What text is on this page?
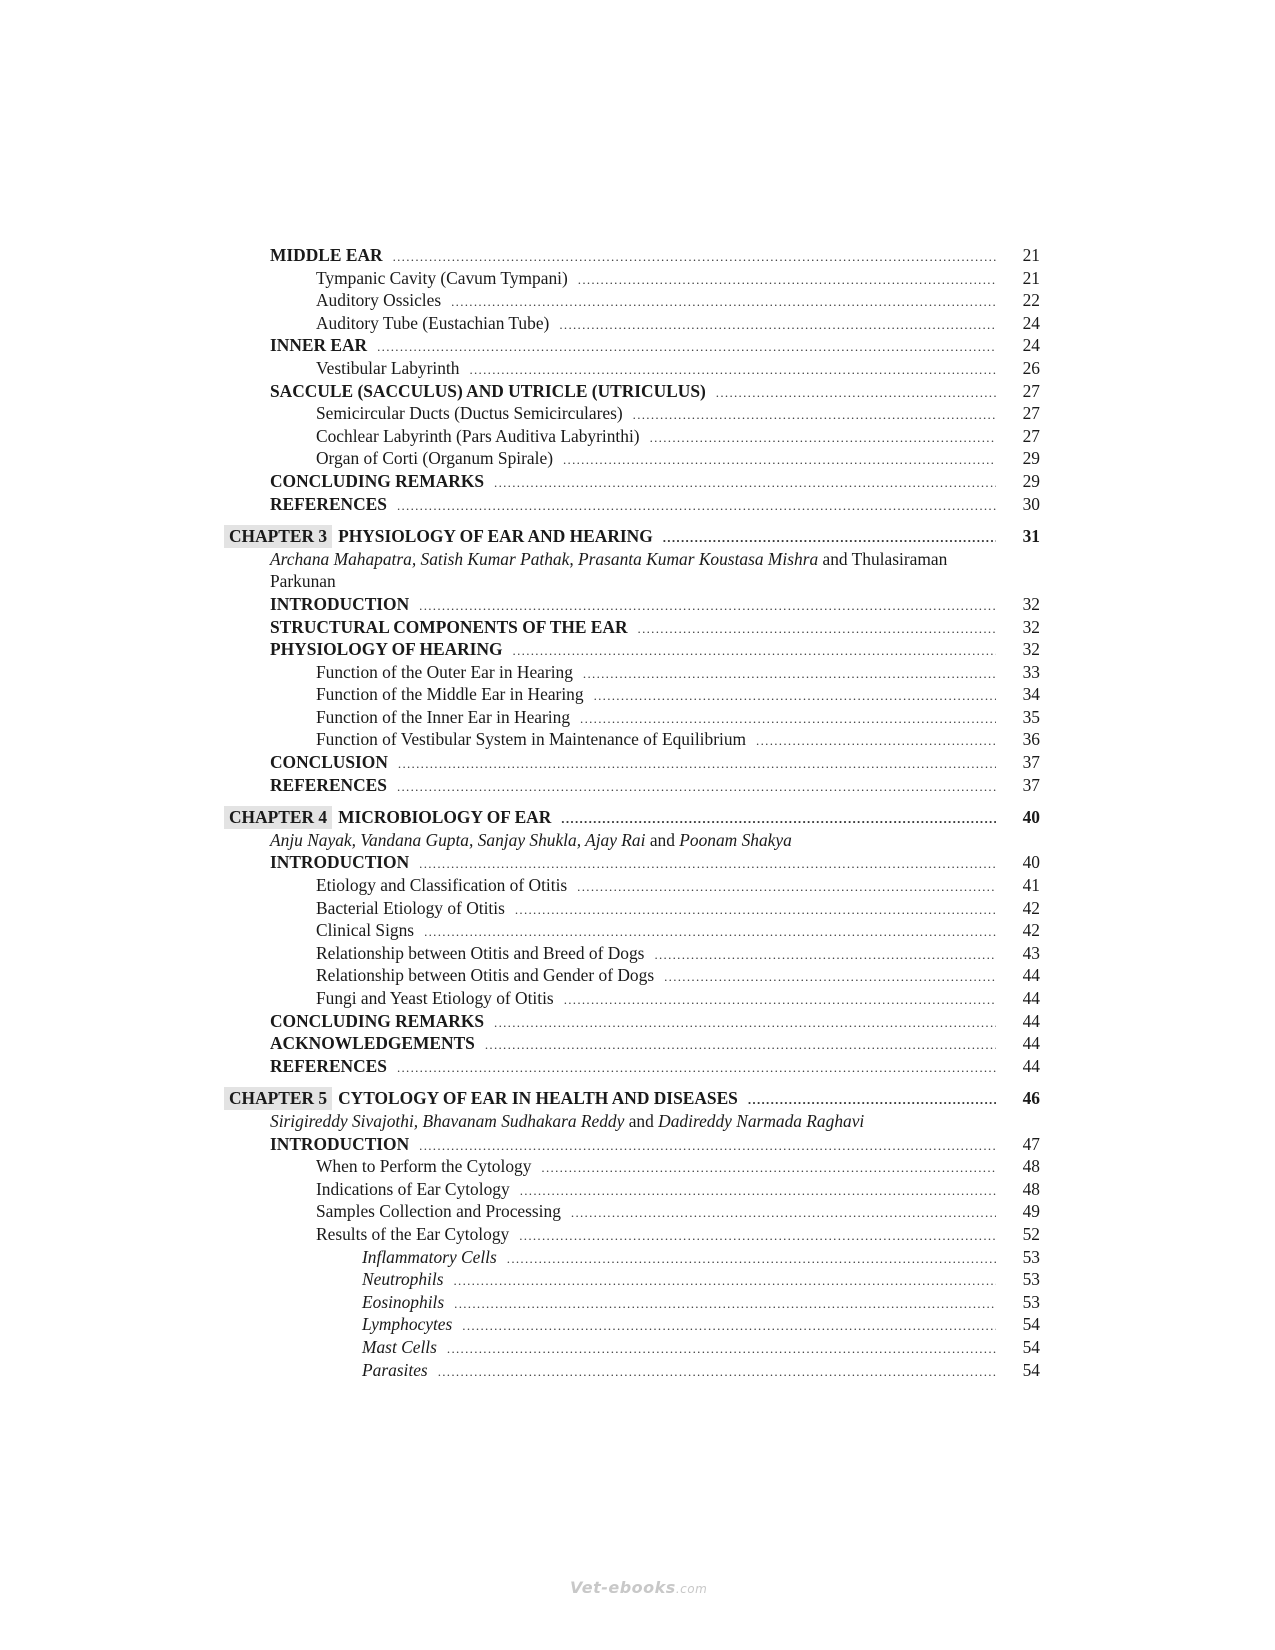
MIDDLE EAR .....	21
Tympanic Cavity (Cavum Tympani) .....	21
Auditory Ossicles .....	22
Auditory Tube (Eustachian Tube) .....	24
INNER EAR .....	24
Vestibular Labyrinth .....	26
SACCULE (SACCULUS) AND UTRICLE (UTRICULUS) .....	27
Semicircular Ducts (Ductus Semicirculares) .....	27
Cochlear Labyrinth (Pars Auditiva Labyrinthi) .....	27
Organ of Corti (Organum Spirale) .....	29
CONCLUDING REMARKS .....	29
REFERENCES .....	30
CHAPTER 3 PHYSIOLOGY OF EAR AND HEARING .....	31
Archana Mahapatra, Satish Kumar Pathak, Prasanta Kumar Koustasa Mishra and Thulasiraman Parkunan
INTRODUCTION .....	32
STRUCTURAL COMPONENTS OF THE EAR .....	32
PHYSIOLOGY OF HEARING .....	32
Function of the Outer Ear in Hearing .....	33
Function of the Middle Ear in Hearing .....	34
Function of the Inner Ear in Hearing .....	35
Function of Vestibular System in Maintenance of Equilibrium .....	36
CONCLUSION .....	37
REFERENCES .....	37
CHAPTER 4 MICROBIOLOGY OF EAR .....	40
Anju Nayak, Vandana Gupta, Sanjay Shukla, Ajay Rai and Poonam Shakya
INTRODUCTION .....	40
Etiology and Classification of Otitis .....	41
Bacterial Etiology of Otitis .....	42
Clinical Signs .....	42
Relationship between Otitis and Breed of Dogs .....	43
Relationship between Otitis and Gender of Dogs .....	44
Fungi and Yeast Etiology of Otitis .....	44
CONCLUDING REMARKS .....	44
ACKNOWLEDGEMENTS .....	44
REFERENCES .....	44
CHAPTER 5 CYTOLOGY OF EAR IN HEALTH AND DISEASES .....	46
Sirigireddy Sivajothi, Bhavanam Sudhakara Reddy and Dadireddy Narmada Raghavi
INTRODUCTION .....	47
When to Perform the Cytology .....	48
Indications of Ear Cytology .....	48
Samples Collection and Processing .....	49
Results of the Ear Cytology .....	52
Inflammatory Cells .....	53
Neutrophils .....	53
Eosinophils .....	53
Lymphocytes .....	54
Mast Cells .....	54
Parasites .....	54
Vet-ebooks.com
